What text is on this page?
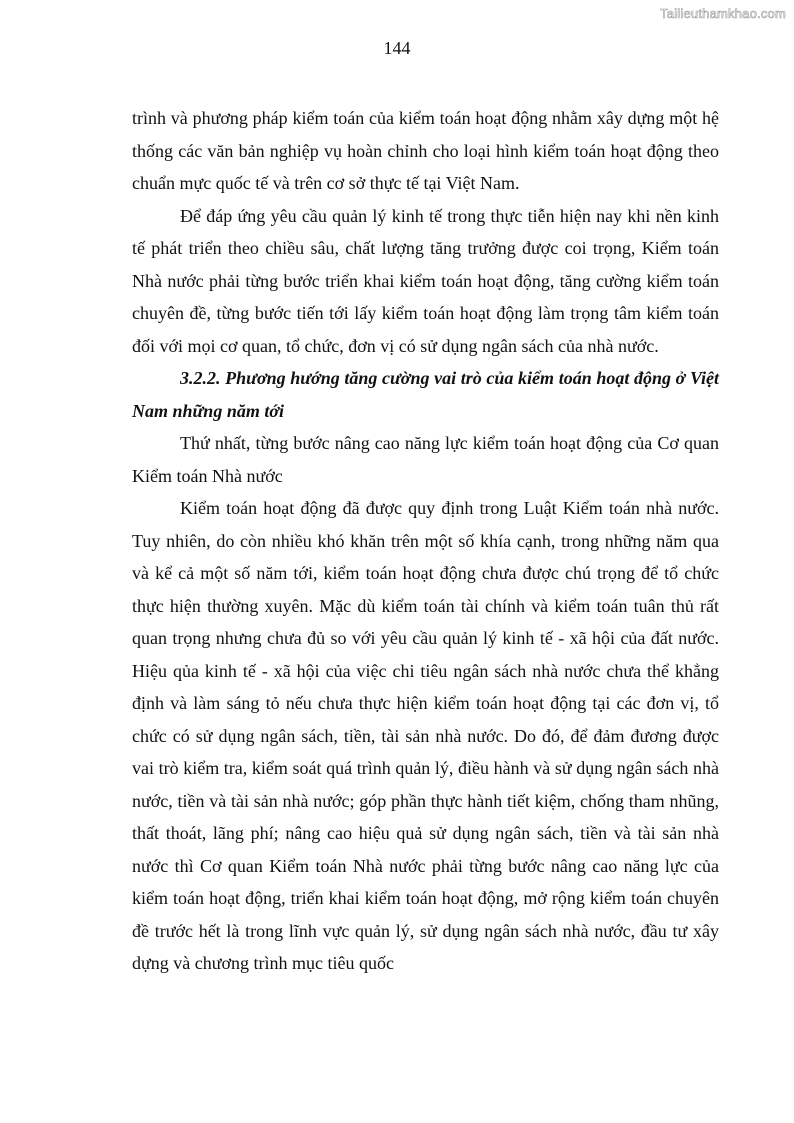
Tailieuthamkhao.com
144

trình và phương pháp kiểm toán của kiểm toán hoạt động nhằm xây dựng một hệ thống các văn bản nghiệp vụ hoàn chỉnh cho loại hình kiểm toán hoạt động theo chuẩn mực quốc tế và trên cơ sở thực tế tại Việt Nam.

Để đáp ứng yêu cầu quản lý kinh tế trong thực tiễn hiện nay khi nền kinh tế phát triển theo chiều sâu, chất lượng tăng trưởng được coi trọng, Kiểm toán Nhà nước phải từng bước triển khai kiểm toán hoạt động, tăng cường kiểm toán chuyên đề, từng bước tiến tới lấy kiểm toán hoạt động làm trọng tâm kiểm toán đối với mọi cơ quan, tổ chức, đơn vị có sử dụng ngân sách của nhà nước.

3.2.2. Phương hướng tăng cường vai trò của kiểm toán hoạt động ở Việt Nam những năm tới

Thứ nhất, từng bước nâng cao năng lực kiểm toán hoạt động của Cơ quan Kiểm toán Nhà nước

Kiểm toán hoạt động đã được quy định trong Luật Kiểm toán nhà nước. Tuy nhiên, do còn nhiều khó khăn trên một số khía cạnh, trong những năm qua và kể cả một số năm tới, kiểm toán hoạt động chưa được chú trọng để tổ chức thực hiện thường xuyên. Mặc dù kiểm toán tài chính và kiểm toán tuân thủ rất quan trọng nhưng chưa đủ so với yêu cầu quản lý kinh tế - xã hội của đất nước. Hiệu qủa kinh tế - xã hội của việc chi tiêu ngân sách nhà nước chưa thể khẳng định và làm sáng tỏ nếu chưa thực hiện kiểm toán hoạt động tại các đơn vị, tổ chức có sử dụng ngân sách, tiền, tài sản nhà nước. Do đó, để đảm đương được vai trò kiểm tra, kiểm soát quá trình quản lý, điều hành và sử dụng ngân sách nhà nước, tiền và tài sản nhà nước; góp phần thực hành tiết kiệm, chống tham nhũng, thất thoát, lãng phí; nâng cao hiệu quả sử dụng ngân sách, tiền và tài sản nhà nước thì Cơ quan Kiểm toán Nhà nước phải từng bước nâng cao năng lực của kiểm toán hoạt động, triển khai kiểm toán hoạt động, mở rộng kiểm toán chuyên đề trước hết là trong lĩnh vực quản lý, sử dụng ngân sách nhà nước, đầu tư xây dựng và chương trình mục tiêu quốc
